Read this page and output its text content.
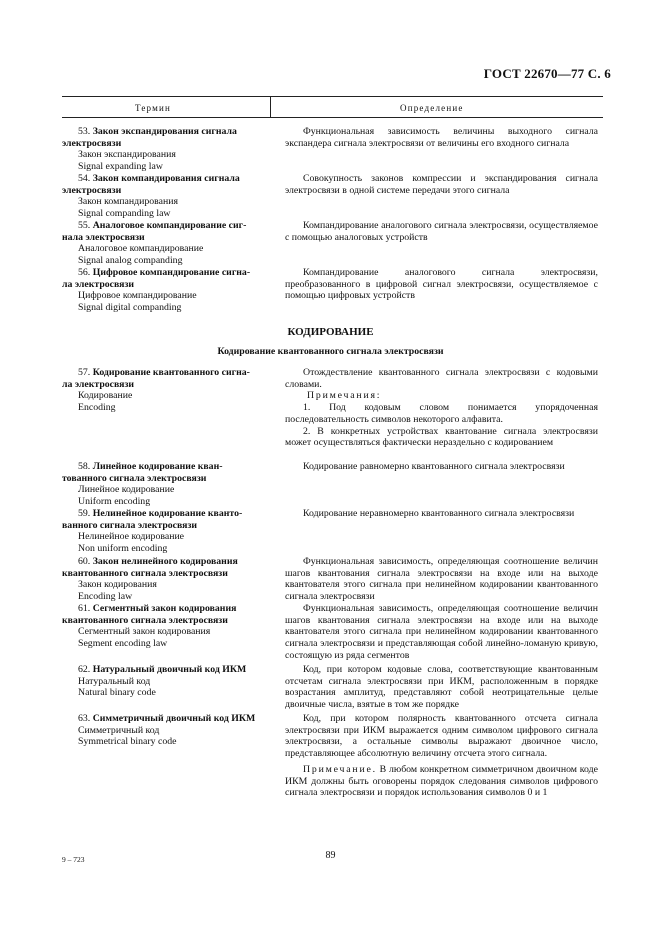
ГОСТ 22670—77 С. 6
Термин	Определение
53. Закон экспандирования сигнала
электросвязи
Закон экспандирования
Signal expanding law

Функциональная зависимость величины выходного сигнала экспандера сигнала электросвязи от величины его входного сигнала

54. Закон компандирования сигнала
электросвязи
Закон компандирования
Signal companding law

Совокупность законов компрессии и экспандирования сигнала электросвязи в одной системе передачи этого сигнала

55. Аналоговое компандирование сиг-
нала электросвязи
Аналоговое компандирование
Signal analog companding

Компандирование аналогового сигнала электросвязи, осуществляемое с помощью аналоговых устройств

56. Цифровое компандирование сигна-
ла электросвязи
Цифровое компандирование
Signal digital companding

Компандирование аналогового сигнала электросвязи, преобразованного в цифровой сигнал электросвязи, осуществляемое с помощью цифровых устройств

КОДИРОВАНИЕ
Кодирование квантованного сигнала электросвязи
57. Кодирование квантованного сигна-
ла электросвязи
Кодирование
Encoding

Отождествление квантованного сигнала электросвязи с кодовыми словами.

Примечания:

1. Под кодовым словом понимается упорядоченная последовательность символов некоторого алфавита.

2. В конкретных устройствах квантование сигнала электросвязи может осуществляться фактически нераздельно с кодированием

58. Линейное кодирование кван-
тованного сигнала электросвязи
Линейное кодирование
Uniform encoding

Кодирование равномерно квантованного сигнала электросвязи

59. Нелинейное кодирование кванто-
ванного сигнала электросвязи
Нелинейное кодирование
Non uniform encoding

Кодирование неравномерно квантованного сигнала электросвязи

60. Закон нелинейного кодирования
квантованного сигнала электросвязи
Закон кодирования
Encoding law

Функциональная зависимость, определяющая соотношение величин шагов квантования сигнала электросвязи на входе или на выходе квантователя этого сигнала при нелинейном кодировании квантованного сигнала электросвязи

61. Сегментный закон кодирования
квантованного сигнала электросвязи
Сегментный закон кодирования
Segment encoding law

Функциональная зависимость, определяющая соотношение величин шагов квантования сигнала электросвязи на входе или на выходе квантователя этого сигнала при нелинейном кодировании квантованного сигнала электросвязи и представляющая собой линейно-ломаную кривую, состоящую из ряда сегментов

62. Натуральный двоичный код ИКМ
Натуральный код
Natural binary code

Код, при котором кодовые слова, соответствующие квантованным отсчетам сигнала электросвязи при ИКМ, расположенным в порядке возрастания амплитуд, представляют собой неотрицательные целые двоичные числа, взятые в том же порядке

63. Симметричный двоичный код ИКМ
Симметричный код
Symmetrical binary code

Код, при котором полярность квантованного отсчета сигнала электросвязи при ИКМ выражается одним символом цифрового сигнала электросвязи, а остальные символы выражают двоичное число, представляющее абсолютную величину отсчета этого сигнала.

Примечание. В любом конкретном симметричном двоичном коде ИКМ должны быть оговорены порядок следования символов цифрового сигнала электросвязи и порядок использования символов 0 и 1

9 – 723	89
